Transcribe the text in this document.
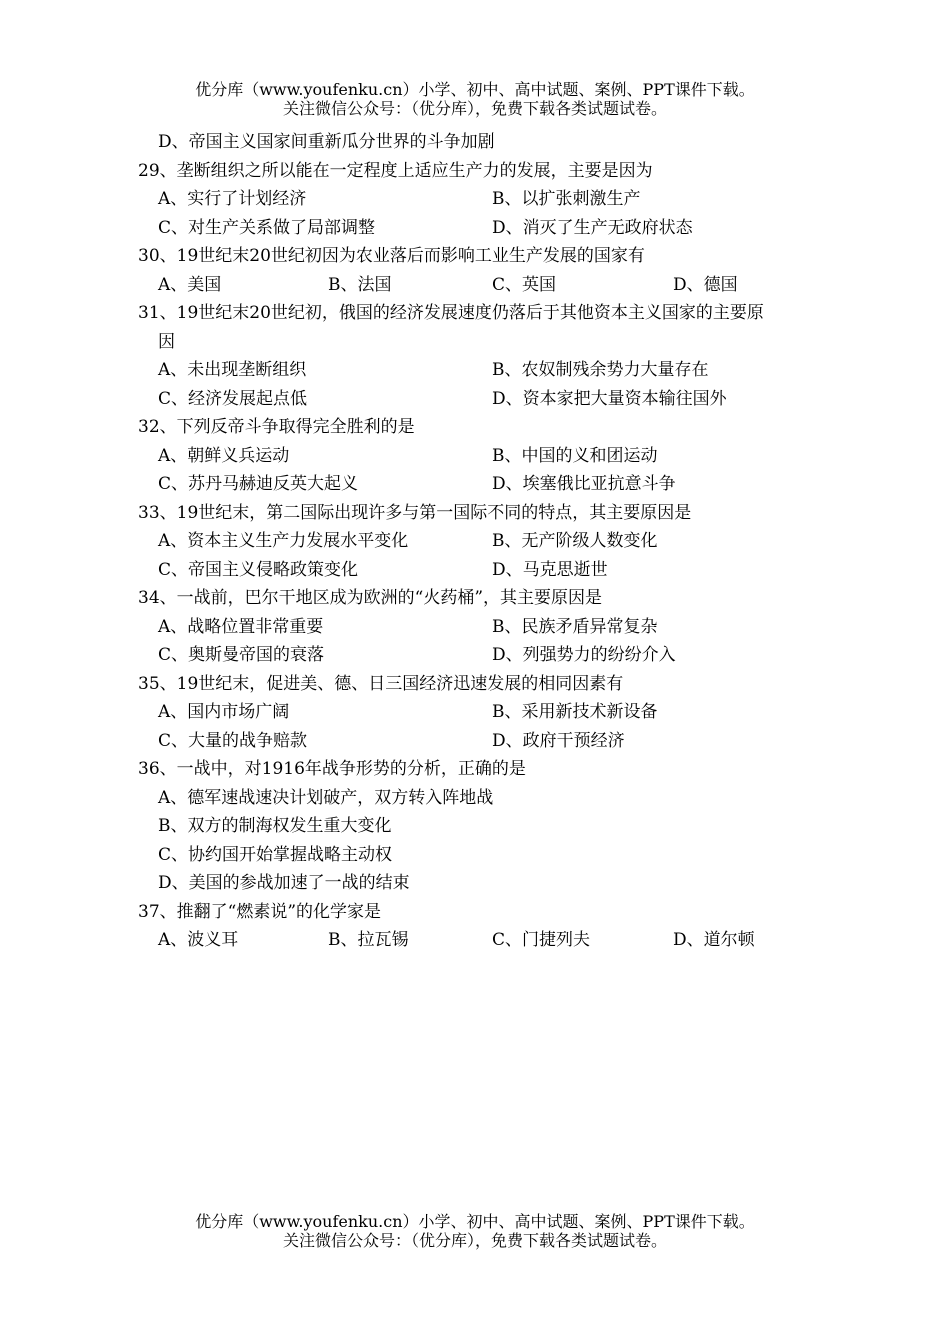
优分库（www.youfenku.cn）小学、初中、高中试题、案例、PPT课件下载。
关注微信公众号：（优分库），免费下载各类试题试卷。
D、帝国主义国家间重新瓜分世界的斗争加剧
29、垄断组织之所以能在一定程度上适应生产力的发展，主要是因为
A、实行了计划经济	B、以扩张刺激生产
C、对生产关系做了局部调整	D、消灭了生产无政府状态
30、19世纪末20世纪初因为农业落后而影响工业生产发展的国家有
A、美国	B、法国	C、英国	D、德国
31、19世纪末20世纪初，俄国的经济发展速度仍落后于其他资本主义国家的主要原
因
A、未出现垄断组织	B、农奴制残余势力大量存在
C、经济发展起点低	D、资本家把大量资本输往国外
32、下列反帝斗争取得完全胜利的是
A、朝鲜义兵运动	B、中国的义和团运动
C、苏丹马赫迪反英大起义	D、埃塞俄比亚抗意斗争
33、19世纪末，第二国际出现许多与第一国际不同的特点，其主要原因是
A、资本主义生产力发展水平变化	B、无产阶级人数变化
C、帝国主义侵略政策变化	D、马克思逝世
34、一战前，巴尔干地区成为欧洲的“火药桶”，其主要原因是
A、战略位置非常重要	B、民族矛盾异常复杂
C、奥斯曼帝国的衰落	D、列强势力的纷纷介入
35、19世纪末，促进美、德、日三国经济迅速发展的相同因素有
A、国内市场广阔	B、采用新技术新设备
C、大量的战争赔款	D、政府干预经济
36、一战中，对1916年战争形势的分析，正确的是
A、德军速战速决计划破产，双方转入阵地战
B、双方的制海权发生重大变化
C、协约国开始掌握战略主动权
D、美国的参战加速了一战的结束
37、推翻了“燃素说”的化学家是
A、波义耳	B、拉瓦锡	C、门捷列夫	D、道尔顿
优分库（www.youfenku.cn）小学、初中、高中试题、案例、PPT课件下载。
关注微信公众号：（优分库），免费下载各类试题试卷。
